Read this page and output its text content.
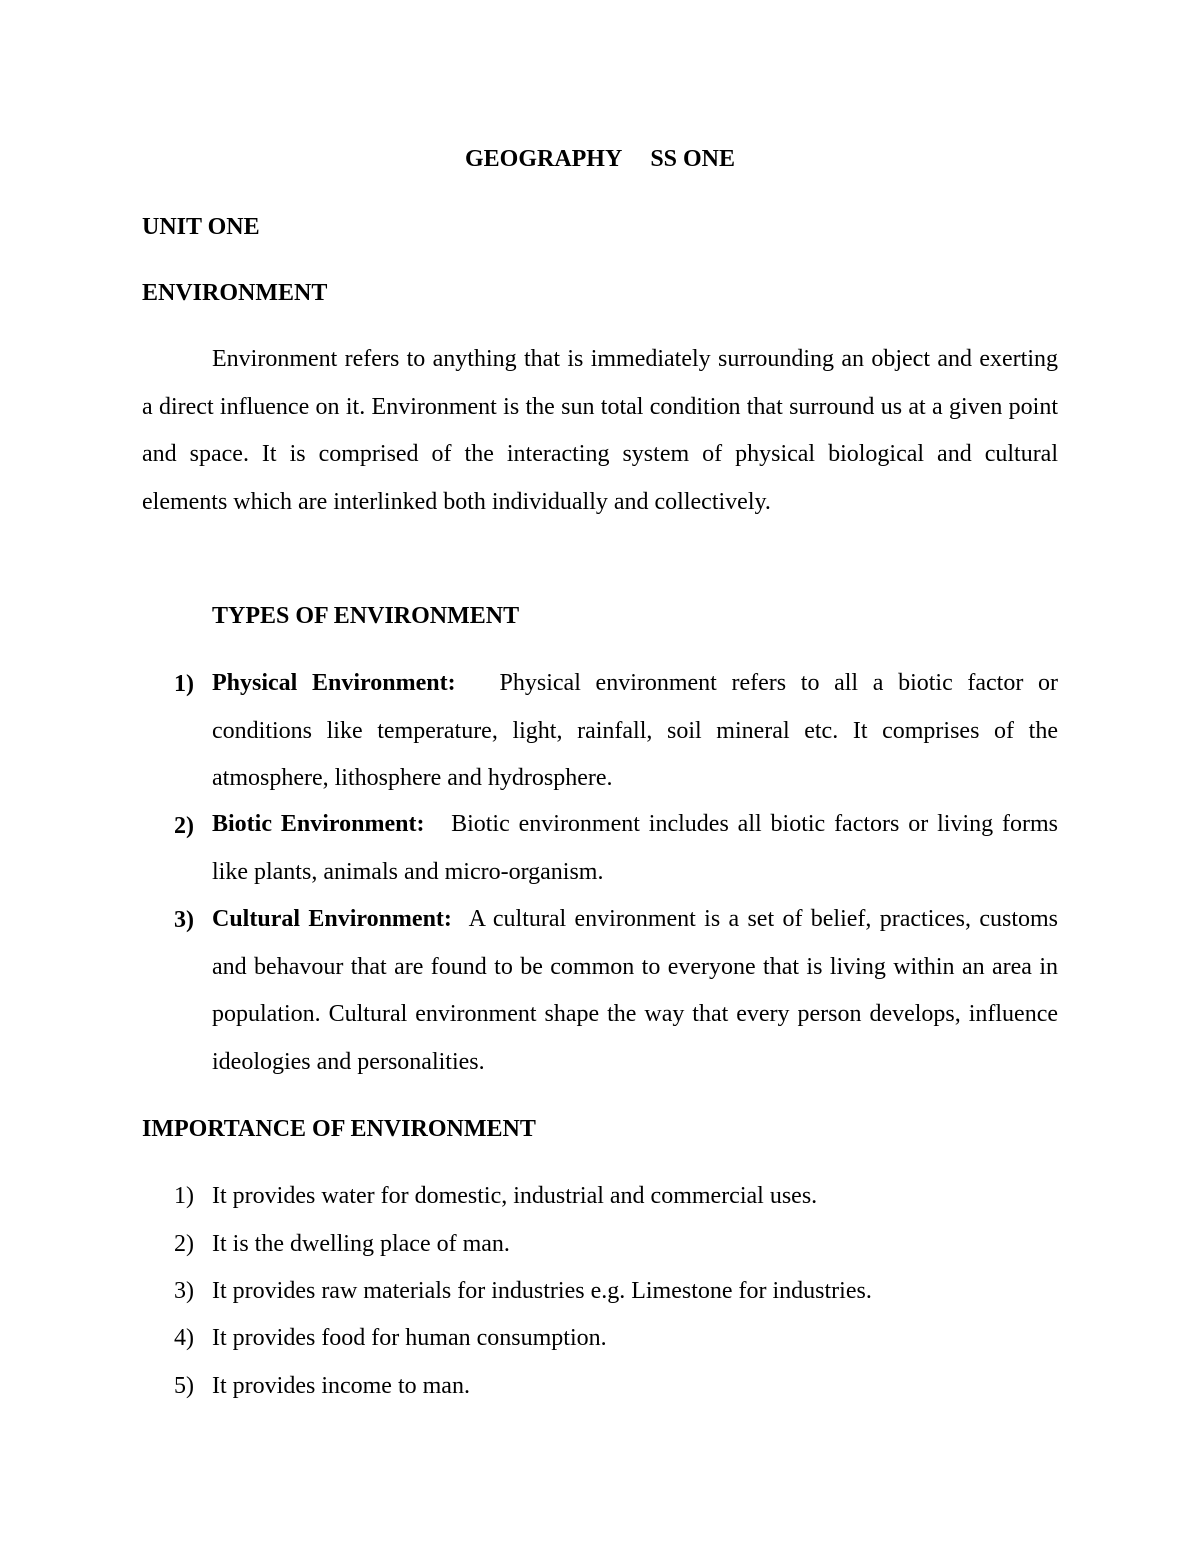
GEOGRAPHY SS ONE
UNIT ONE
ENVIRONMENT
Environment refers to anything that is immediately surrounding an object and exerting a direct influence on it. Environment is the sun total condition that surround us at a given point and space. It is comprised of the interacting system of physical biological and cultural elements which are interlinked both individually and collectively.
TYPES OF ENVIRONMENT
1) Physical Environment: Physical environment refers to all a biotic factor or conditions like temperature, light, rainfall, soil mineral etc. It comprises of the atmosphere, lithosphere and hydrosphere.
2) Biotic Environment: Biotic environment includes all biotic factors or living forms like plants, animals and micro-organism.
3) Cultural Environment: A cultural environment is a set of belief, practices, customs and behavour that are found to be common to everyone that is living within an area in population. Cultural environment shape the way that every person develops, influence ideologies and personalities.
IMPORTANCE OF ENVIRONMENT
1) It provides water for domestic, industrial and commercial uses.
2) It is the dwelling place of man.
3) It provides raw materials for industries e.g. Limestone for industries.
4) It provides food for human consumption.
5) It provides income to man.
